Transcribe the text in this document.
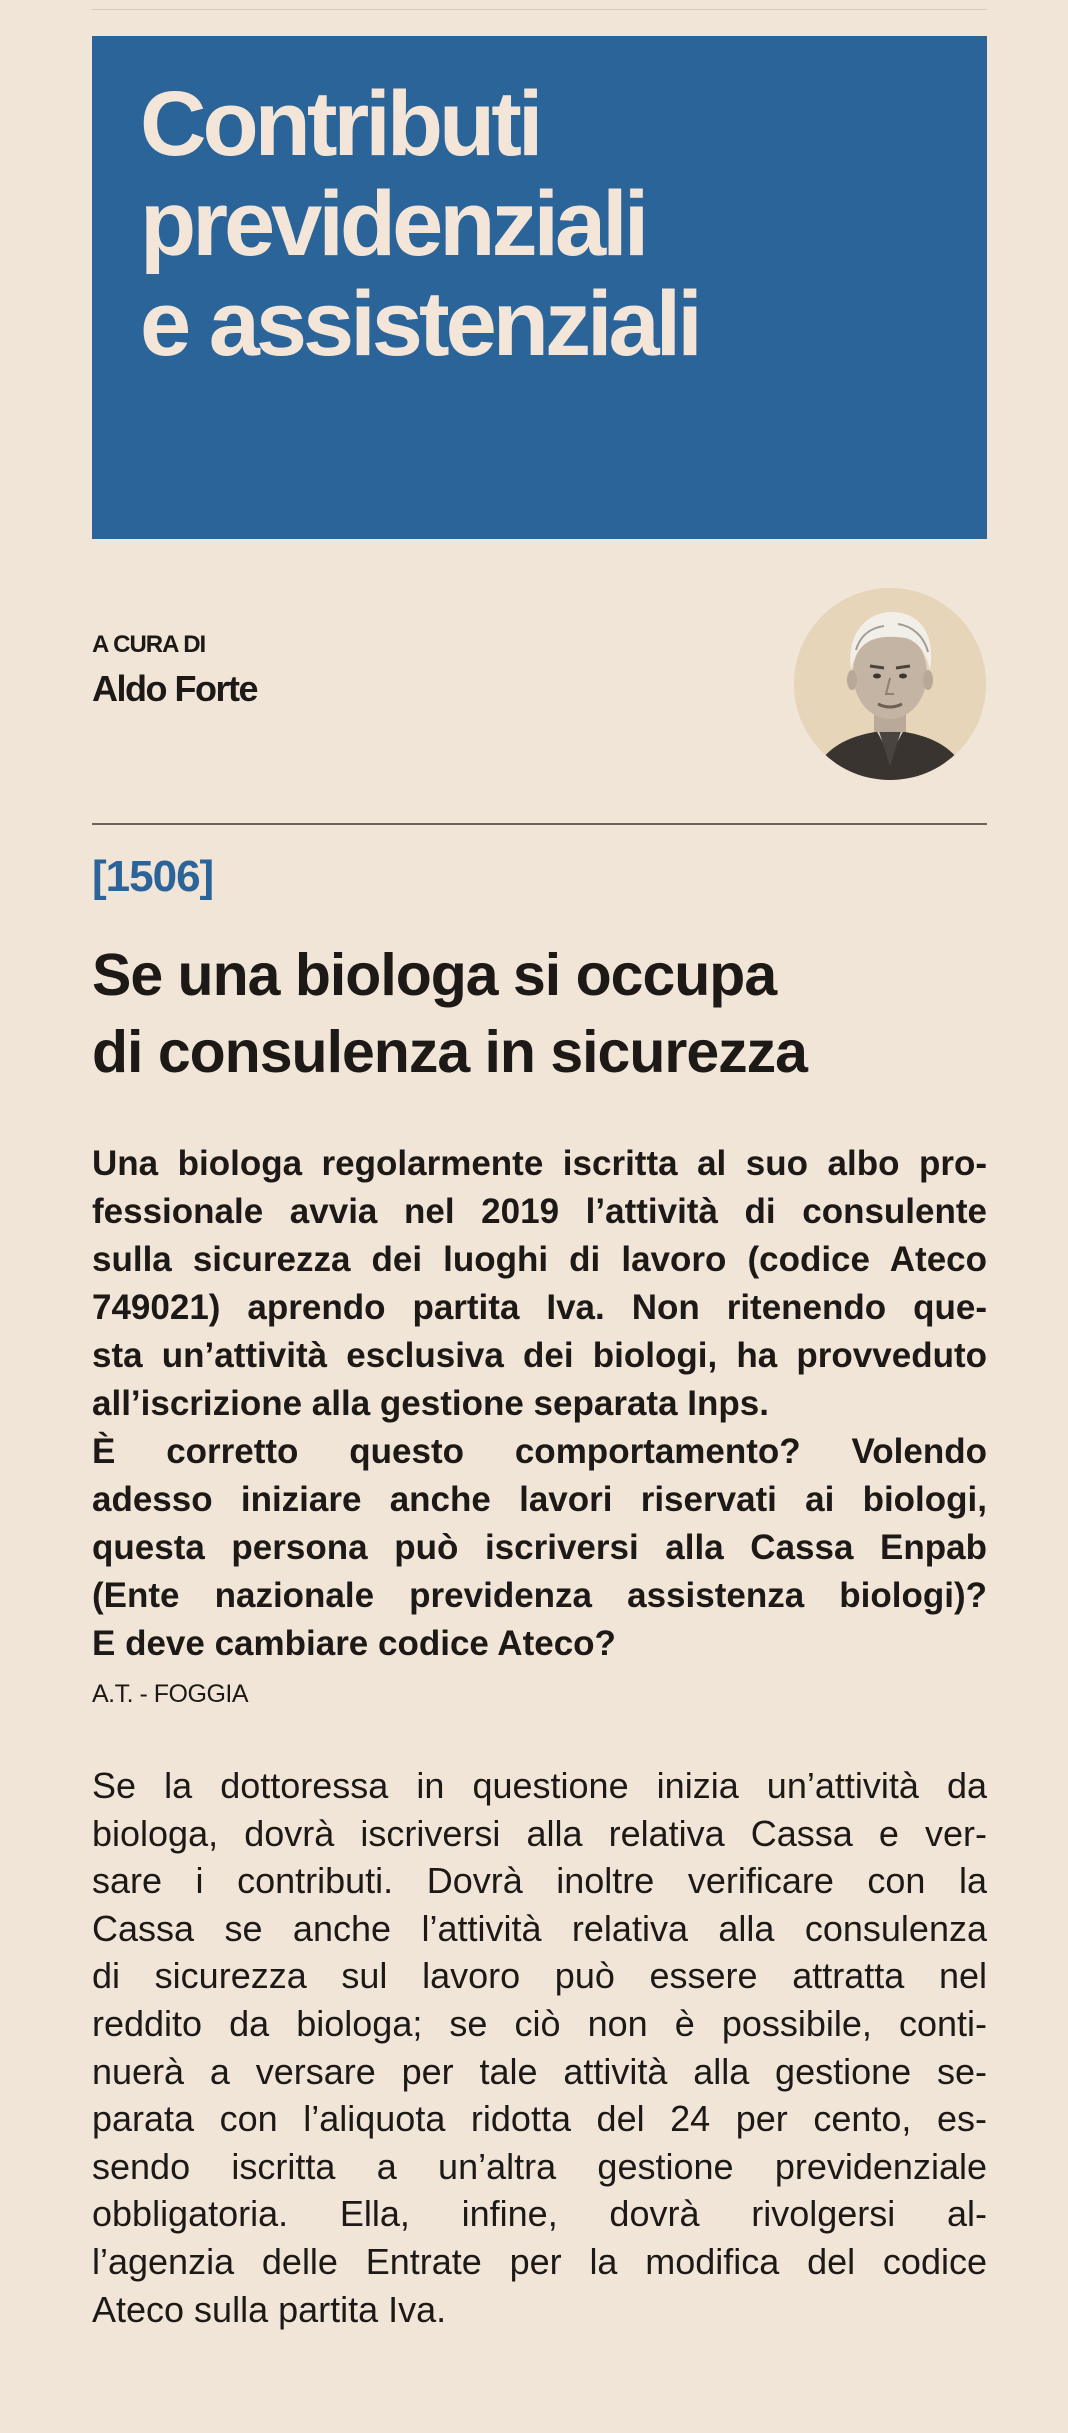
Contributi
previdenziali
e assistenziali
A CURA DI
Aldo Forte
[1506]
Se una biologa si occupa
di consulenza in sicurezza
Una biologa regolarmente iscritta al suo albo pro-
fessionale avvia nel 2019 l’attività di consulente
sulla sicurezza dei luoghi di lavoro (codice Ateco
749021) aprendo partita Iva. Non ritenendo que-
sta un’attività esclusiva dei biologi, ha provveduto
all’iscrizione alla gestione separata Inps.
È corretto questo comportamento? Volendo
adesso iniziare anche lavori riservati ai biologi,
questa persona può iscriversi alla Cassa Enpab
(Ente nazionale previdenza assistenza biologi)?
E deve cambiare codice Ateco?
A.T. - FOGGIA
Se la dottoressa in questione inizia un’attività da
biologa, dovrà iscriversi alla relativa Cassa e ver-
sare i contributi. Dovrà inoltre verificare con la
Cassa se anche l’attività relativa alla consulenza
di sicurezza sul lavoro può essere attratta nel
reddito da biologa; se ciò non è possibile, conti-
nuerà a versare per tale attività alla gestione se-
parata con l’aliquota ridotta del 24 per cento, es-
sendo iscritta a un’altra gestione previdenziale
obbligatoria. Ella, infine, dovrà rivolgersi al-
l’agenzia delle Entrate per la modifica del codice
Ateco sulla partita Iva.
